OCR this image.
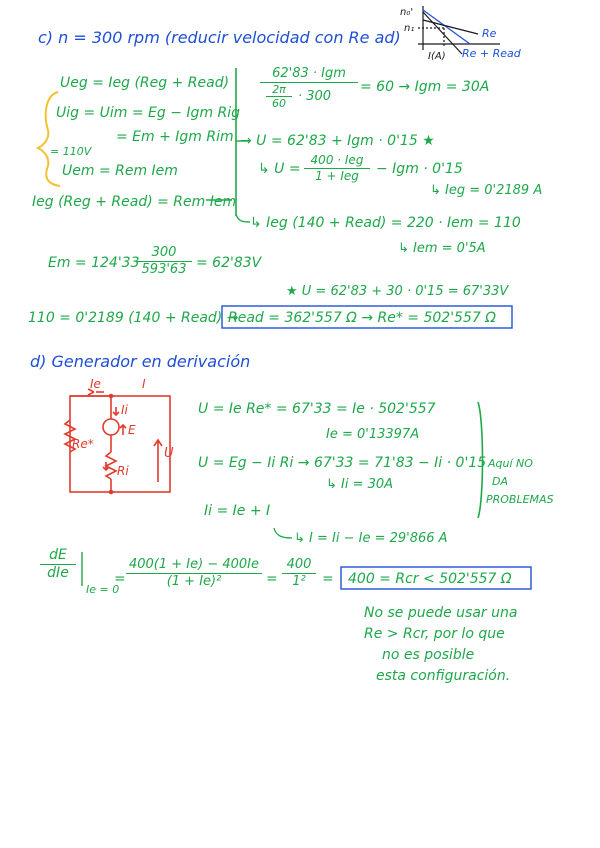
c) n = 300 rpm (reducir velocidad con Re ad)
n₀'
n₁	Re
Re + Read
I(A)
Ueg = Ieg (Reg + Read)
Uig = Uim = Eg − Igm Rig
= Em + Igm Rim
= 110V
Uem = Rem Iem
Ieg (Reg + Read) = Rem Iem
62'83 · Igm
2π
60
· 300
= 60 → Igm = 30A
→ U = 62'83 + Igm · 0'15 ★
↳ U =
400 · Ieg
1 + Ieg	− Igm · 0'15
↳ Ieg = 0'2189 A
↳ Ieg (140 + Read) = 220 · Iem = 110
↳ Iem = 0'5A
Em = 124'33
300
593'63 = 62'83V
★ U = 62'83 + 30 · 0'15 = 67'33V
110 = 0'2189 (140 + Read) →
Read = 362'557 Ω → Re* = 502'557 Ω
d) Generador en derivación
Ie	I
Ii
E
U
Re*
Ri
U = Ie Re* = 67'33 = Ie · 502'557
Ie = 0'13397A
U = Eg − Ii Ri → 67'33 = 71'83 − Ii · 0'15
↳ Ii = 30A
Ii = Ie + I
↳ I = Ii − Ie = 29'866 A
Aquí NO
DA
PROBLEMAS
dE
dIe
Ie = 0
=
400(1 + Ie) − 400Ie
(1 + Ie)²	=
400
1²	= 400 = Rcr < 502'557 Ω
No se puede usar una
Re > Rcr, por lo que
no es posible
esta configuración.
